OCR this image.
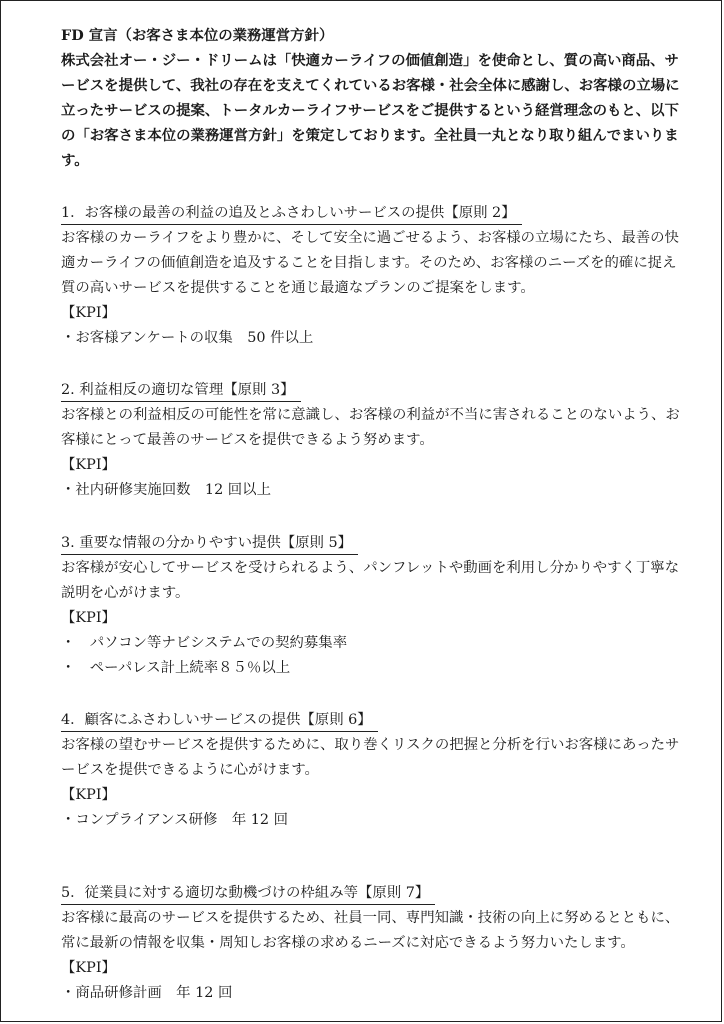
FD 宣言（お客さま本位の業務運営方針）
株式会社オー・ジー・ドリームは「快適カーライフの価値創造」を使命とし、質の高い商品、サービスを提供して、我社の存在を支えてくれているお客様・社会全体に感謝し、お客様の立場に立ったサービスの提案、トータルカーライフサービスをご提供するという経営理念のもと、以下の「お客さま本位の業務運営方針」を策定しております。全社員一丸となり取り組んでまいります。
1．お客様の最善の利益の追及とふさわしいサービスの提供【原則 2】

お客様のカーライフをより豊かに、そして安全に過ごせるよう、お客様の立場にたち、最善の快適カーライフの価値創造を追及することを目指します。そのため、お客様のニーズを的確に捉え質の高いサービスを提供することを通じ最適なプランのご提案をします。

【KPI】

・お客様アンケートの収集　50 件以上
2. 利益相反の適切な管理【原則 3】

お客様との利益相反の可能性を常に意識し、お客様の利益が不当に害されることのないよう、お客様にとって最善のサービスを提供できるよう努めます。

【KPI】

・社内研修実施回数　12 回以上
3. 重要な情報の分かりやすい提供【原則 5】

お客様が安心してサービスを受けられるよう、パンフレットや動画を利用し分かりやすく丁寧な説明を心がけます。

【KPI】

・　パソコン等ナビシステムでの契約募集率
・　ペーパレス計上続率８５％以上
4．顧客にふさわしいサービスの提供【原則 6】

お客様の望むサービスを提供するために、取り巻くリスクの把握と分析を行いお客様にあったサービスを提供できるように心がけます。

【KPI】

・コンプライアンス研修　年 12 回
5．従業員に対する適切な動機づけの枠組み等【原則 7】

お客様に最高のサービスを提供するため、社員一同、専門知識・技術の向上に努めるとともに、常に最新の情報を収集・周知しお客様の求めるニーズに対応できるよう努力いたします。

【KPI】

・商品研修計画　年 12 回
